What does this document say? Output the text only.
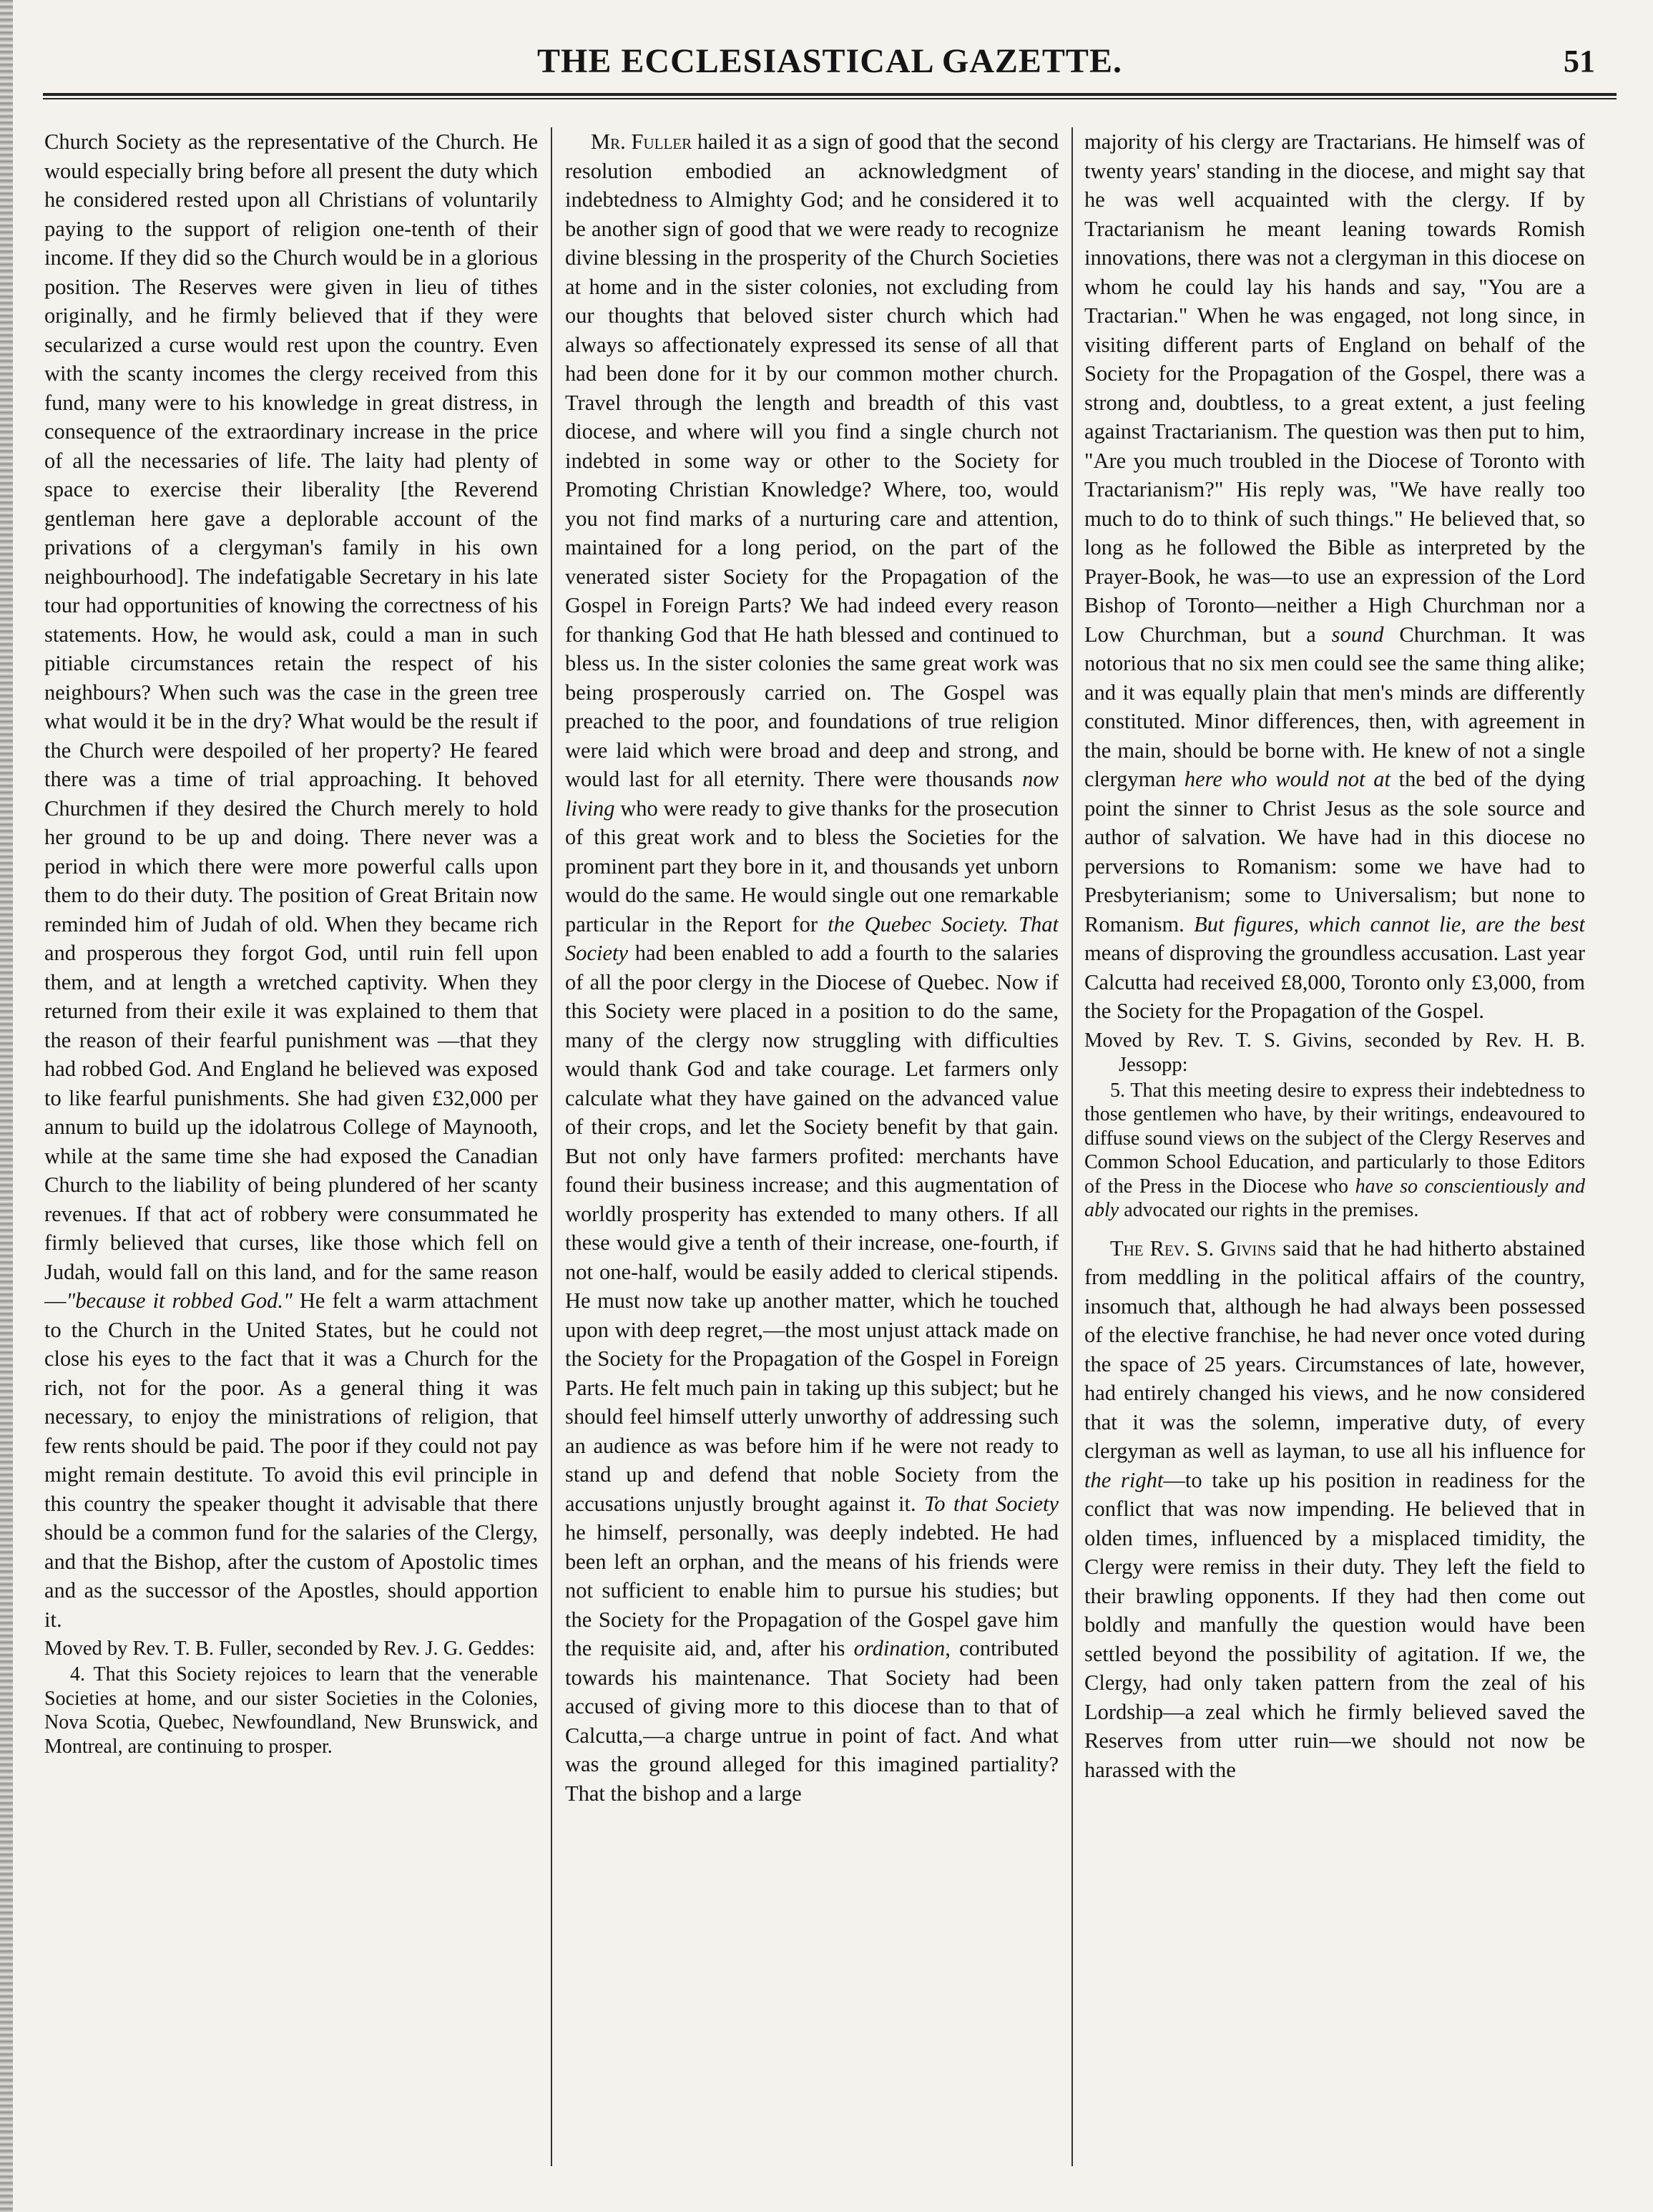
THE ECCLESIASTICAL GAZETTE.	51

Church Society as the representative of the Church. He would especially bring before all present the duty which he considered rested upon all Christians of voluntarily paying to the support of religion one-tenth of their income. If they did so the Church would be in a glorious position. The Reserves were given in lieu of tithes originally, and he firmly believed that if they were secularized a curse would rest upon the country. Even with the scanty incomes the clergy received from this fund, many were to his knowledge in great distress, in consequence of the extraordinary increase in the price of all the necessaries of life. The laity had plenty of space to exercise their liberality [the Reverend gentleman here gave a deplorable account of the privations of a clergyman's family in his own neighbourhood]. The indefatigable Secretary in his late tour had opportunities of knowing the correctness of his statements. How, he would ask, could a man in such pitiable circumstances retain the respect of his neighbours? When such was the case in the green tree what would it be in the dry? What would be the result if the Church were despoiled of her property? He feared there was a time of trial approaching. It behoved Churchmen if they desired the Church merely to hold her ground to be up and doing. There never was a period in which there were more powerful calls upon them to do their duty. The position of Great Britain now reminded him of Judah of old. When they became rich and prosperous they forgot God, until ruin fell upon them, and at length a wretched captivity. When they returned from their exile it was explained to them that the reason of their fearful punishment was —that they had robbed God. And England he believed was exposed to like fearful punishments. She had given £32,000 per annum to build up the idolatrous College of Maynooth, while at the same time she had exposed the Canadian Church to the liability of being plundered of her scanty revenues. If that act of robbery were consummated he firmly believed that curses, like those which fell on Judah, would fall on this land, and for the same reason—"because it robbed God." He felt a warm attachment to the Church in the United States, but he could not close his eyes to the fact that it was a Church for the rich, not for the poor. As a general thing it was necessary, to enjoy the ministrations of religion, that few rents should be paid. The poor if they could not pay might remain destitute. To avoid this evil principle in this country the speaker thought it advisable that there should be a common fund for the salaries of the Clergy, and that the Bishop, after the custom of Apostolic times and as the successor of the Apostles, should apportion it.

Moved by Rev. T. B. Fuller, seconded by Rev. J. G. Geddes:

4. That this Society rejoices to learn that the venerable Societies at home, and our sister Societies in the Colonies, Nova Scotia, Quebec, Newfoundland, New Brunswick, and Montreal, are continuing to prosper.

Mr. Fuller hailed it as a sign of good that the second resolution embodied an acknowledgment of indebtedness to Almighty God; and he considered it to be another sign of good that we were ready to recognize divine blessing in the prosperity of the Church Societies at home and in the sister colonies, not excluding from our thoughts that beloved sister church which had always so affectionately expressed its sense of all that had been done for it by our common mother church. Travel through the length and breadth of this vast diocese, and where will you find a single church not indebted in some way or other to the Society for Promoting Christian Knowledge? Where, too, would you not find marks of a nurturing care and attention, maintained for a long period, on the part of the venerated sister Society for the Propagation of the Gospel in Foreign Parts? We had indeed every reason for thanking God that He hath blessed and continued to bless us. In the sister colonies the same great work was being prosperously carried on. The Gospel was preached to the poor, and foundations of true religion were laid which were broad and deep and strong, and would last for all eternity. There were thousands now living who were ready to give thanks for the prosecution of this great work and to bless the Societies for the prominent part they bore in it, and thousands yet unborn would do the same. He would single out one remarkable particular in the Report for the Quebec Society. That Society had been enabled to add a fourth to the salaries of all the poor clergy in the Diocese of Quebec. Now if this Society were placed in a position to do the same, many of the clergy now struggling with difficulties would thank God and take courage. Let farmers only calculate what they have gained on the advanced value of their crops, and let the Society benefit by that gain. But not only have farmers profited: merchants have found their business increase; and this augmentation of worldly prosperity has extended to many others. If all these would give a tenth of their increase, one-fourth, if not one-half, would be easily added to clerical stipends. He must now take up another matter, which he touched upon with deep regret,—the most unjust attack made on the Society for the Propagation of the Gospel in Foreign Parts. He felt much pain in taking up this subject; but he should feel himself utterly unworthy of addressing such an audience as was before him if he were not ready to stand up and defend that noble Society from the accusations unjustly brought against it. To that Society he himself, personally, was deeply indebted. He had been left an orphan, and the means of his friends were not sufficient to enable him to pursue his studies; but the Society for the Propagation of the Gospel gave him the requisite aid, and, after his ordination, contributed towards his maintenance. That Society had been accused of giving more to this diocese than to that of Calcutta,—a charge untrue in point of fact. And what was the ground alleged for this imagined partiality? That the bishop and a large

majority of his clergy are Tractarians. He himself was of twenty years' standing in the diocese, and might say that he was well acquainted with the clergy. If by Tractarianism he meant leaning towards Romish innovations, there was not a clergyman in this diocese on whom he could lay his hands and say, "You are a Tractarian." When he was engaged, not long since, in visiting different parts of England on behalf of the Society for the Propagation of the Gospel, there was a strong and, doubtless, to a great extent, a just feeling against Tractarianism. The question was then put to him, "Are you much troubled in the Diocese of Toronto with Tractarianism?" His reply was, "We have really too much to do to think of such things." He believed that, so long as he followed the Bible as interpreted by the Prayer-Book, he was—to use an expression of the Lord Bishop of Toronto—neither a High Churchman nor a Low Churchman, but a sound Churchman. It was notorious that no six men could see the same thing alike; and it was equally plain that men's minds are differently constituted. Minor differences, then, with agreement in the main, should be borne with. He knew of not a single clergyman here who would not at the bed of the dying point the sinner to Christ Jesus as the sole source and author of salvation. We have had in this diocese no perversions to Romanism: some we have had to Presbyterianism; some to Universalism; but none to Romanism. But figures, which cannot lie, are the best means of disproving the groundless accusation. Last year Calcutta had received £8,000, Toronto only £3,000, from the Society for the Propagation of the Gospel.

Moved by Rev. T. S. Givins, seconded by Rev. H. B. Jessopp:

5. That this meeting desire to express their indebtedness to those gentlemen who have, by their writings, endeavoured to diffuse sound views on the subject of the Clergy Reserves and Common School Education, and particularly to those Editors of the Press in the Diocese who have so conscientiously and ably advocated our rights in the premises.

The Rev. S. Givins said that he had hitherto abstained from meddling in the political affairs of the country, insomuch that, although he had always been possessed of the elective franchise, he had never once voted during the space of 25 years. Circumstances of late, however, had entirely changed his views, and he now considered that it was the solemn, imperative duty, of every clergyman as well as layman, to use all his influence for the right—to take up his position in readiness for the conflict that was now impending. He believed that in olden times, influenced by a misplaced timidity, the Clergy were remiss in their duty. They left the field to their brawling opponents. If they had then come out boldly and manfully the question would have been settled beyond the possibility of agitation. If we, the Clergy, had only taken pattern from the zeal of his Lordship—a zeal which he firmly believed saved the Reserves from utter ruin—we should not now be harassed with the
